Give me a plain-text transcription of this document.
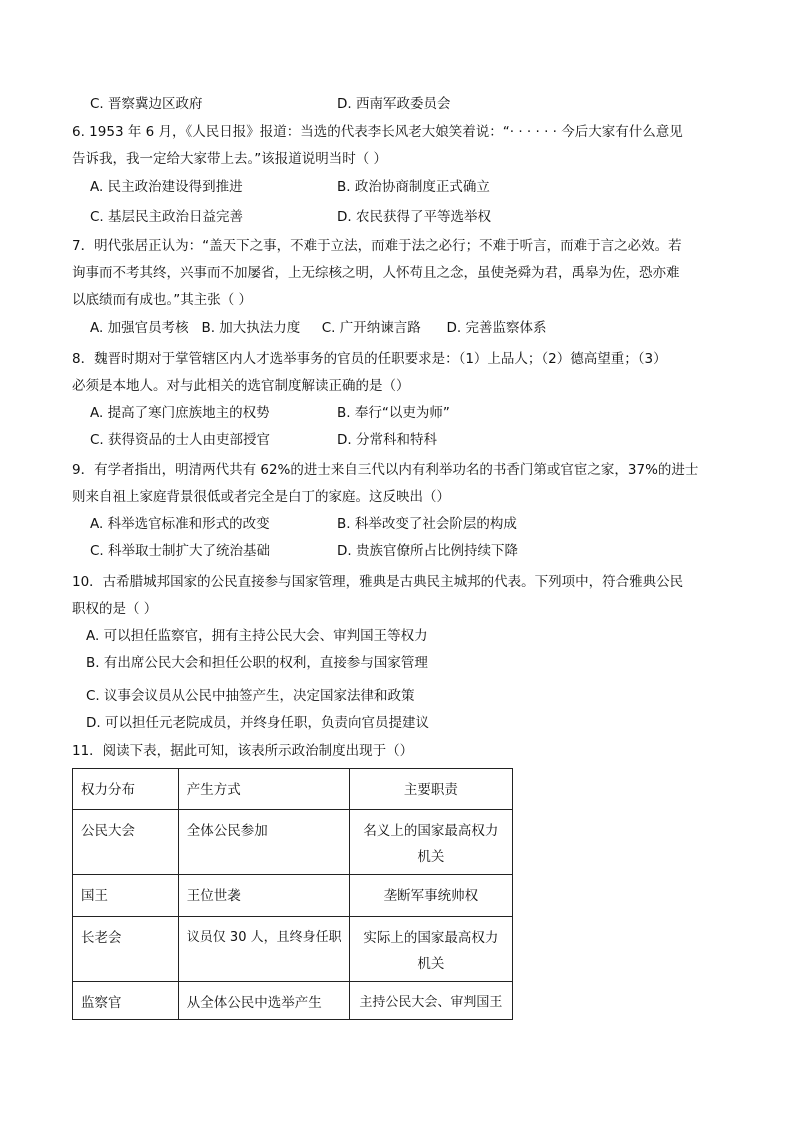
C. 晋察冀边区政府	D. 西南军政委员会
6. 1953 年 6 月，《人民日报》报道：当选的代表李长风老大娘笑着说：“· · · · · · 今后大家有什么意见
告诉我，我一定给大家带上去。”该报道说明当时（ ）
A. 民主政治建设得到推进	B. 政治协商制度正式确立
C. 基层民主政治日益完善	D. 农民获得了平等选举权
7．明代张居正认为：“盖天下之事，不难于立法，而难于法之必行；不难于听言，而难于言之必效。若
询事而不考其终，兴事而不加屡省，上无综核之明，人怀苟且之念，虽使尧舜为君，禹皋为佐，恐亦难
以底绩而有成也。”其主张（ ）
A. 加强官员考核   B. 加大执法力度     C. 广开纳谏言路      D. 完善监察体系
8．魏晋时期对于掌管辖区内人才选举事务的官员的任职要求是：（1）上品人；（2）德高望重；（3）
必须是本地人。对与此相关的选官制度解读正确的是（）
A. 提高了寒门庶族地主的权势	B. 奉行“以吏为师”
C. 获得资品的士人由吏部授官	D. 分常科和特科
9．有学者指出，明清两代共有 62%的进士来自三代以内有利举功名的书香门第或官宦之家，37%的进士
则来自祖上家庭背景很低或者完全是白丁的家庭。这反映出（）
A. 科举选官标准和形式的改变	B. 科举改变了社会阶层的构成
C. 科举取士制扩大了统治基础	D. 贵族官僚所占比例持续下降
10．古希腊城邦国家的公民直接参与国家管理，雅典是古典民主城邦的代表。下列项中，符合雅典公民
职权的是（ ）
A. 可以担任监察官，拥有主持公民大会、审判国王等权力
B. 有出席公民大会和担任公职的权利，直接参与国家管理
C. 议事会议员从公民中抽签产生，决定国家法律和政策
D. 可以担任元老院成员，并终身任职，负责向官员提建议
11．阅读下表，据此可知，该表所示政治制度出现于（）
权力分布	产生方式	主要职责
公民大会	全体公民参加	名义上的国家最高权力机关
国王	王位世袭	垄断军事统帅权
长老会	议员仅 30 人，且终身任职	实际上的国家最高权力机关
监察官	从全体公民中选举产生	主持公民大会、审判国王
